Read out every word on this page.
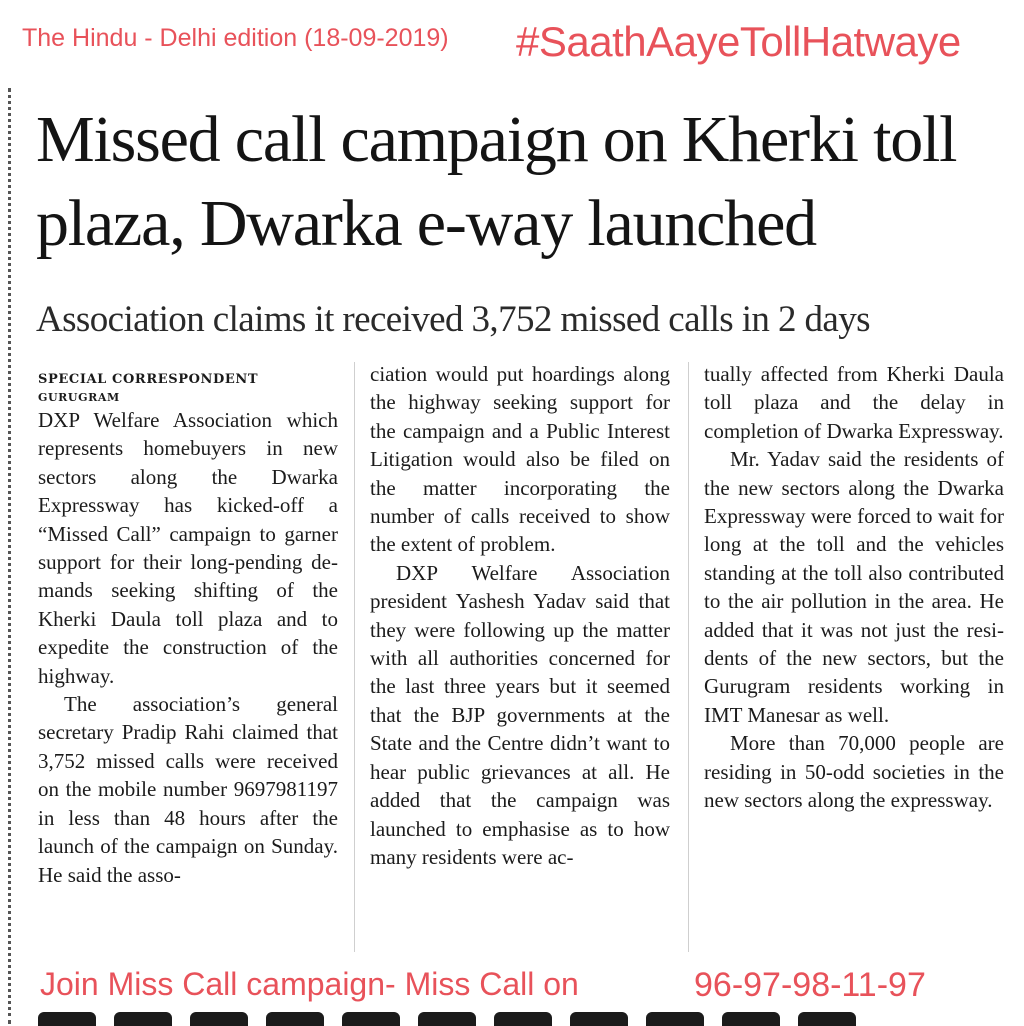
The Hindu - Delhi edition (18-09-2019) #SaathAayeTollHatwaye
Missed call campaign on Kherki toll plaza, Dwarka e-way launched
Association claims it received 3,752 missed calls in 2 days
SPECIAL CORRESPONDENT
GURUGRAM

DXP Welfare Association which represents homebuyers in new sectors along the Dwarka Expressway has kicked-off a “Missed Call” campaign to garner support for their long-pending demands seeking shifting of the Kherki Daula toll plaza and to expedite the construction of the highway.

The association’s general secretary Pradip Rahi claimed that 3,752 missed calls were received on the mobile number 9697981197 in less than 48 hours after the launch of the campaign on Sunday. He said the asso-

ciation would put hoardings along the highway seeking support for the campaign and a Public Interest Litigation would also be filed on the matter incorporating the number of calls received to show the extent of problem.

DXP Welfare Association president Yashesh Yadav said that they were following up the matter with all authorities concerned for the last three years but it seemed that the BJP governments at the State and the Centre didn’t want to hear public grievances at all. He added that the campaign was launched to emphasise as to how many residents were ac-

tually affected from Kherki Daula toll plaza and the delay in completion of Dwarka Expressway.

Mr. Yadav said the residents of the new sectors along the Dwarka Expressway were forced to wait for long at the toll and the vehicles standing at the toll also contributed to the air pollution in the area. He added that it was not just the residents of the new sectors, but the Gurugram residents working in IMT Manesar as well.

More than 70,000 people are residing in 50-odd societies in the new sectors along the expressway.

Join Miss Call campaign- Miss Call on	96-97-98-11-97
